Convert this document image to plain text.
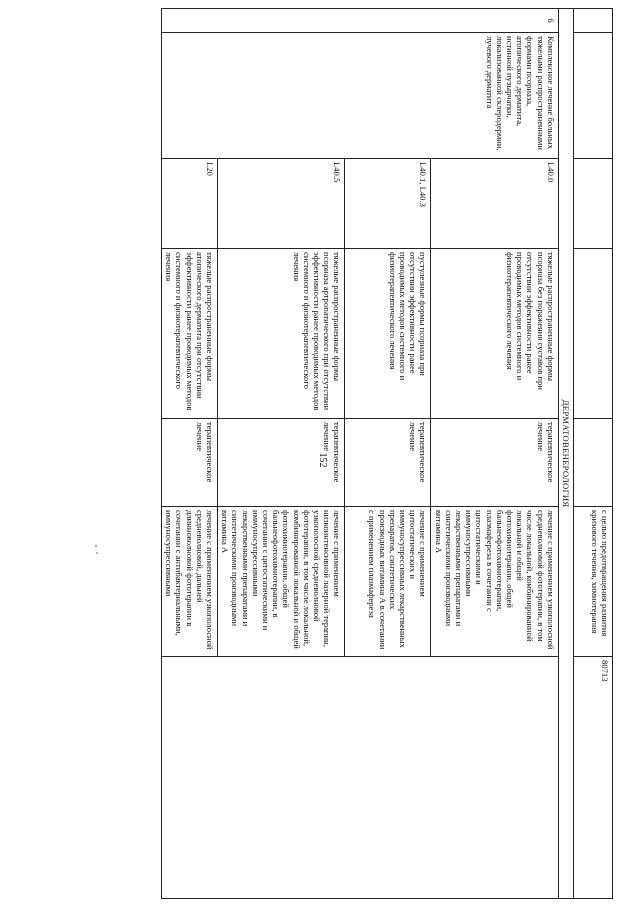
152
					с целью предотвращения развития кризового течения, химиотерапия	80713
ДЕРМАТОВЕНЕРОЛОГИЯ						
6	Комплексное лечение больных тяжелыми распространенными формами псориаза, атопического дерматита, истинной пузырчатки, локализованной склеродермии, лучевого дерматита	L40.0	тяжелые распространенные формы псориаза без поражения суставов при отсутствии эффективности ранее проводимых методов системного и физиотерапевтического лечения	терапевтическое лечение	лечение с применением узкополосной средневолновой фототерапии, в том числе локальной, комбинированной локальной и общей фотохимиотерапии, общей бальнеофотохимиотерапии, плазмафереза в сочетании с цитостатическими и иммуносупрессивными лекарственными препаратами и синтетическими производными витамина А	
		L40.1, L40.3	пустулезные формы псориаза при отсутствии эффективности ранее проводимых методов системного и физиотерапевтического лечения	терапевтическое лечение	лечение с применением цитостатических и иммуносупрессивных лекарственных препаратов, синтетических производных витамина А в сочетании с применением плазмафереза	
		L40.5	тяжелые распространенные формы псориаза артропатического при отсутствии эффективности ранее проводимых методов системного и физиотерапевтического лечения	терапевтическое лечение	лечение с применением низкоинтенсивной лазерной терапии, узкополосной средневолновой фототерапии, в том числе локальной, комбинированной локальной и общей фотохимиотерапии, общей бальнеофотохимиотерапии, в сочетании с цитостатическими и иммуносупрессивными лекарственными препаратами и синтетическими производными витамина А	
		L20	тяжелые распространенные формы атопического дерматита при отсутствии эффективности ранее проводимых методов системного и физиотерапевтического лечения	терапевтическое лечение	лечение с применением узкополосной средневолновой, дальней длинноволновой фототерапии в сочетании с антибактериальными, иммуносупрессивными	
